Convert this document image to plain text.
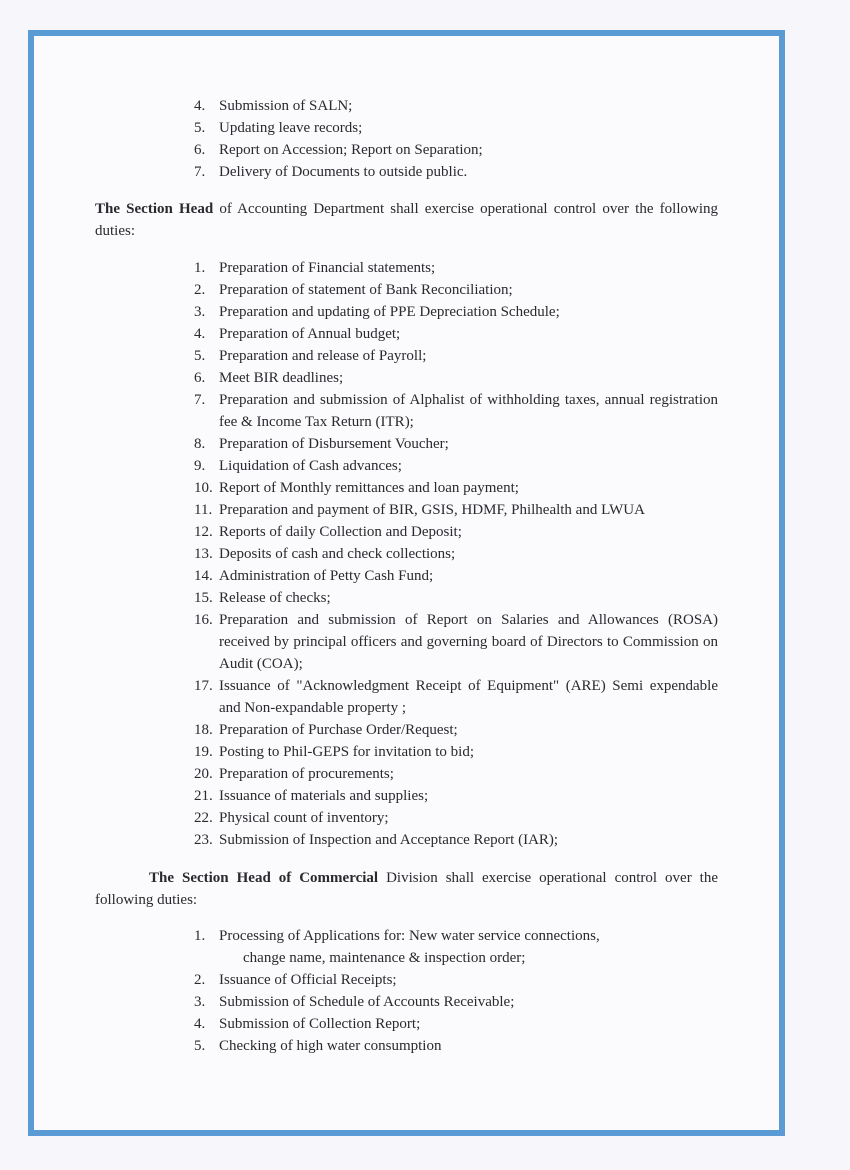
4. Submission of SALN;
5. Updating leave records;
6. Report on Accession; Report on Separation;
7. Delivery of Documents to outside public.

The Section Head of Accounting Department shall exercise operational control over the following duties:

1. Preparation of Financial statements;
2. Preparation of statement of Bank Reconciliation;
3. Preparation and updating of PPE Depreciation Schedule;
4. Preparation of Annual budget;
5. Preparation and release of Payroll;
6. Meet BIR deadlines;
7. Preparation and submission of Alphalist of withholding taxes, annual registration fee & Income Tax Return (ITR);
8. Preparation of Disbursement Voucher;
9. Liquidation of Cash advances;
10. Report of Monthly remittances and loan payment;
11. Preparation and payment of BIR, GSIS, HDMF, Philhealth and LWUA
12. Reports of daily Collection and Deposit;
13. Deposits of cash and check collections;
14. Administration of Petty Cash Fund;
15. Release of checks;
16. Preparation and submission of Report on Salaries and Allowances (ROSA) received by principal officers and governing board of Directors to Commission on Audit (COA);
17. Issuance of "Acknowledgment Receipt of Equipment" (ARE) Semi expendable and Non-expandable property ;
18. Preparation of Purchase Order/Request;
19. Posting to Phil-GEPS for invitation to bid;
20. Preparation of procurements;
21. Issuance of materials and supplies;
22. Physical count of inventory;
23. Submission of Inspection and Acceptance Report (IAR);

The Section Head of Commercial Division shall exercise operational control over the following duties:

1. Processing of Applications for: New water service connections,
change name, maintenance & inspection order;
2. Issuance of Official Receipts;
3. Submission of Schedule of Accounts Receivable;
4. Submission of Collection Report;
5. Checking of high water consumption
